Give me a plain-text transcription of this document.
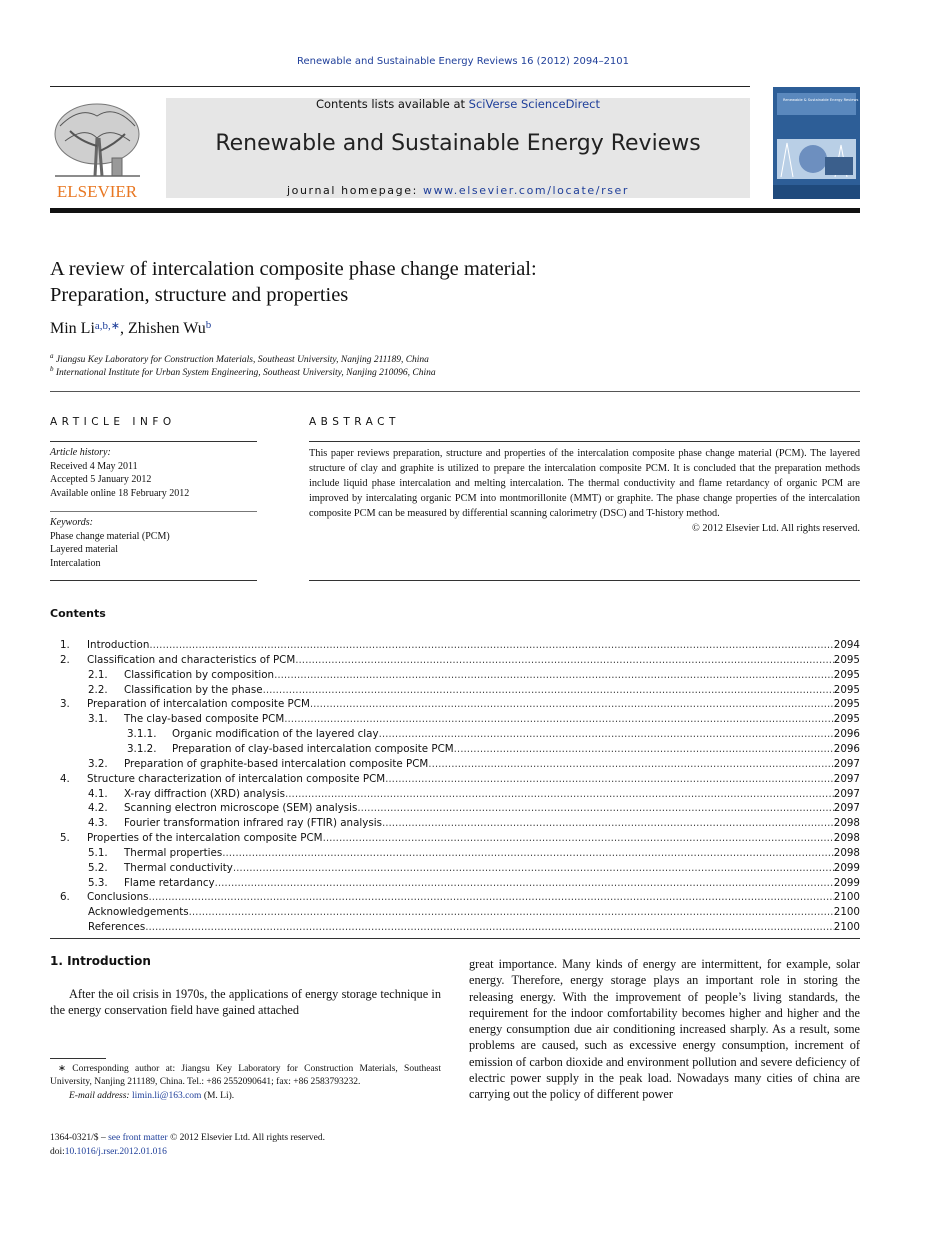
Renewable and Sustainable Energy Reviews 16 (2012) 2094–2101
ELSEVIER
Contents lists available at SciVerse ScienceDirect
Renewable and Sustainable Energy Reviews
journal homepage: www.elsevier.com/locate/rser
Renewable & Sustainable Energy Reviews
A review of intercalation composite phase change material:
Preparation, structure and properties
Min $Li^{a,b,∗}$, Zhishen Wu$^b$
$^a$ Jiangsu Key Laboratory for Construction Materials, Southeast University, Nanjing 211189, China
$^b$ International Institute for Urban System Engineering, Southeast University, Nanjing 210096, China
ARTICLE INFO
Article history:
Received 4 May 2011
Accepted 5 January 2012
Available online 18 February 2012
Keywords:
Phase change material (PCM)
Layered material
Intercalation
ABSTRACT
This paper reviews preparation, structure and properties of the intercalation composite phase change material (PCM). The layered structure of clay and graphite is utilized to prepare the intercalation composite PCM. It is concluded that the preparation methods include liquid phase intercalation and melting intercalation. The thermal conductivity and flame retardancy of organic PCM are improved by intercalating organic PCM into montmorillonite (MMT) or graphite. The phase change properties of the intercalation composite PCM can be measured by differential scanning calorimetry (DSC) and T-history method.
© 2012 Elsevier Ltd. All rights reserved.
Contents
1. Introduction .....	2094
2. Classification and characteristics of PCM .....	2095
2.1. Classification by composition .....	2095
2.2. Classification by the phase .....	2095
3. Preparation of intercalation composite PCM .....	2095
3.1. The clay-based composite PCM .....	2095
3.1.1. Organic modification of the layered clay .....	2096
3.1.2. Preparation of clay-based intercalation composite PCM .....	2096
3.2. Preparation of graphite-based intercalation composite PCM .....	2097
4. Structure characterization of intercalation composite PCM .....	2097
4.1. X-ray diffraction (XRD) analysis .....	2097
4.2. Scanning electron microscope (SEM) analysis .....	2097
4.3. Fourier transformation infrared ray (FTIR) analysis .....	2098
5. Properties of the intercalation composite PCM .....	2098
5.1. Thermal properties .....	2098
5.2. Thermal conductivity .....	2099
5.3. Flame retardancy .....	2099
6. Conclusions .....	2100
Acknowledgements .....	2100
References .....	2100
1. Introduction
After the oil crisis in 1970s, the applications of energy storage technique in the energy conservation field have gained attached
great importance. Many kinds of energy are intermittent, for example, solar energy. Therefore, energy storage plays an important role in storing the releasing energy. With the improvement of people’s living standards, the requirement for the indoor comfortability becomes higher and higher and the energy consumption due air conditioning increased sharply. As a result, some problems are caused, such as excessive energy consumption, increment of emission of carbon dioxide and environment pollution and severe deficiency of electric power supply in the peak load. Nowadays many cities of china are carrying out the policy of different power
∗ Corresponding author at: Jiangsu Key Laboratory for Construction Materials, Southeast University, Nanjing 211189, China. Tel.: +86 2552090641; fax: +86 2583793232.
E-mail address: limin.li@163.com (M. Li).
1364-0321/$ – see front matter © 2012 Elsevier Ltd. All rights reserved.
doi:10.1016/j.rser.2012.01.016
